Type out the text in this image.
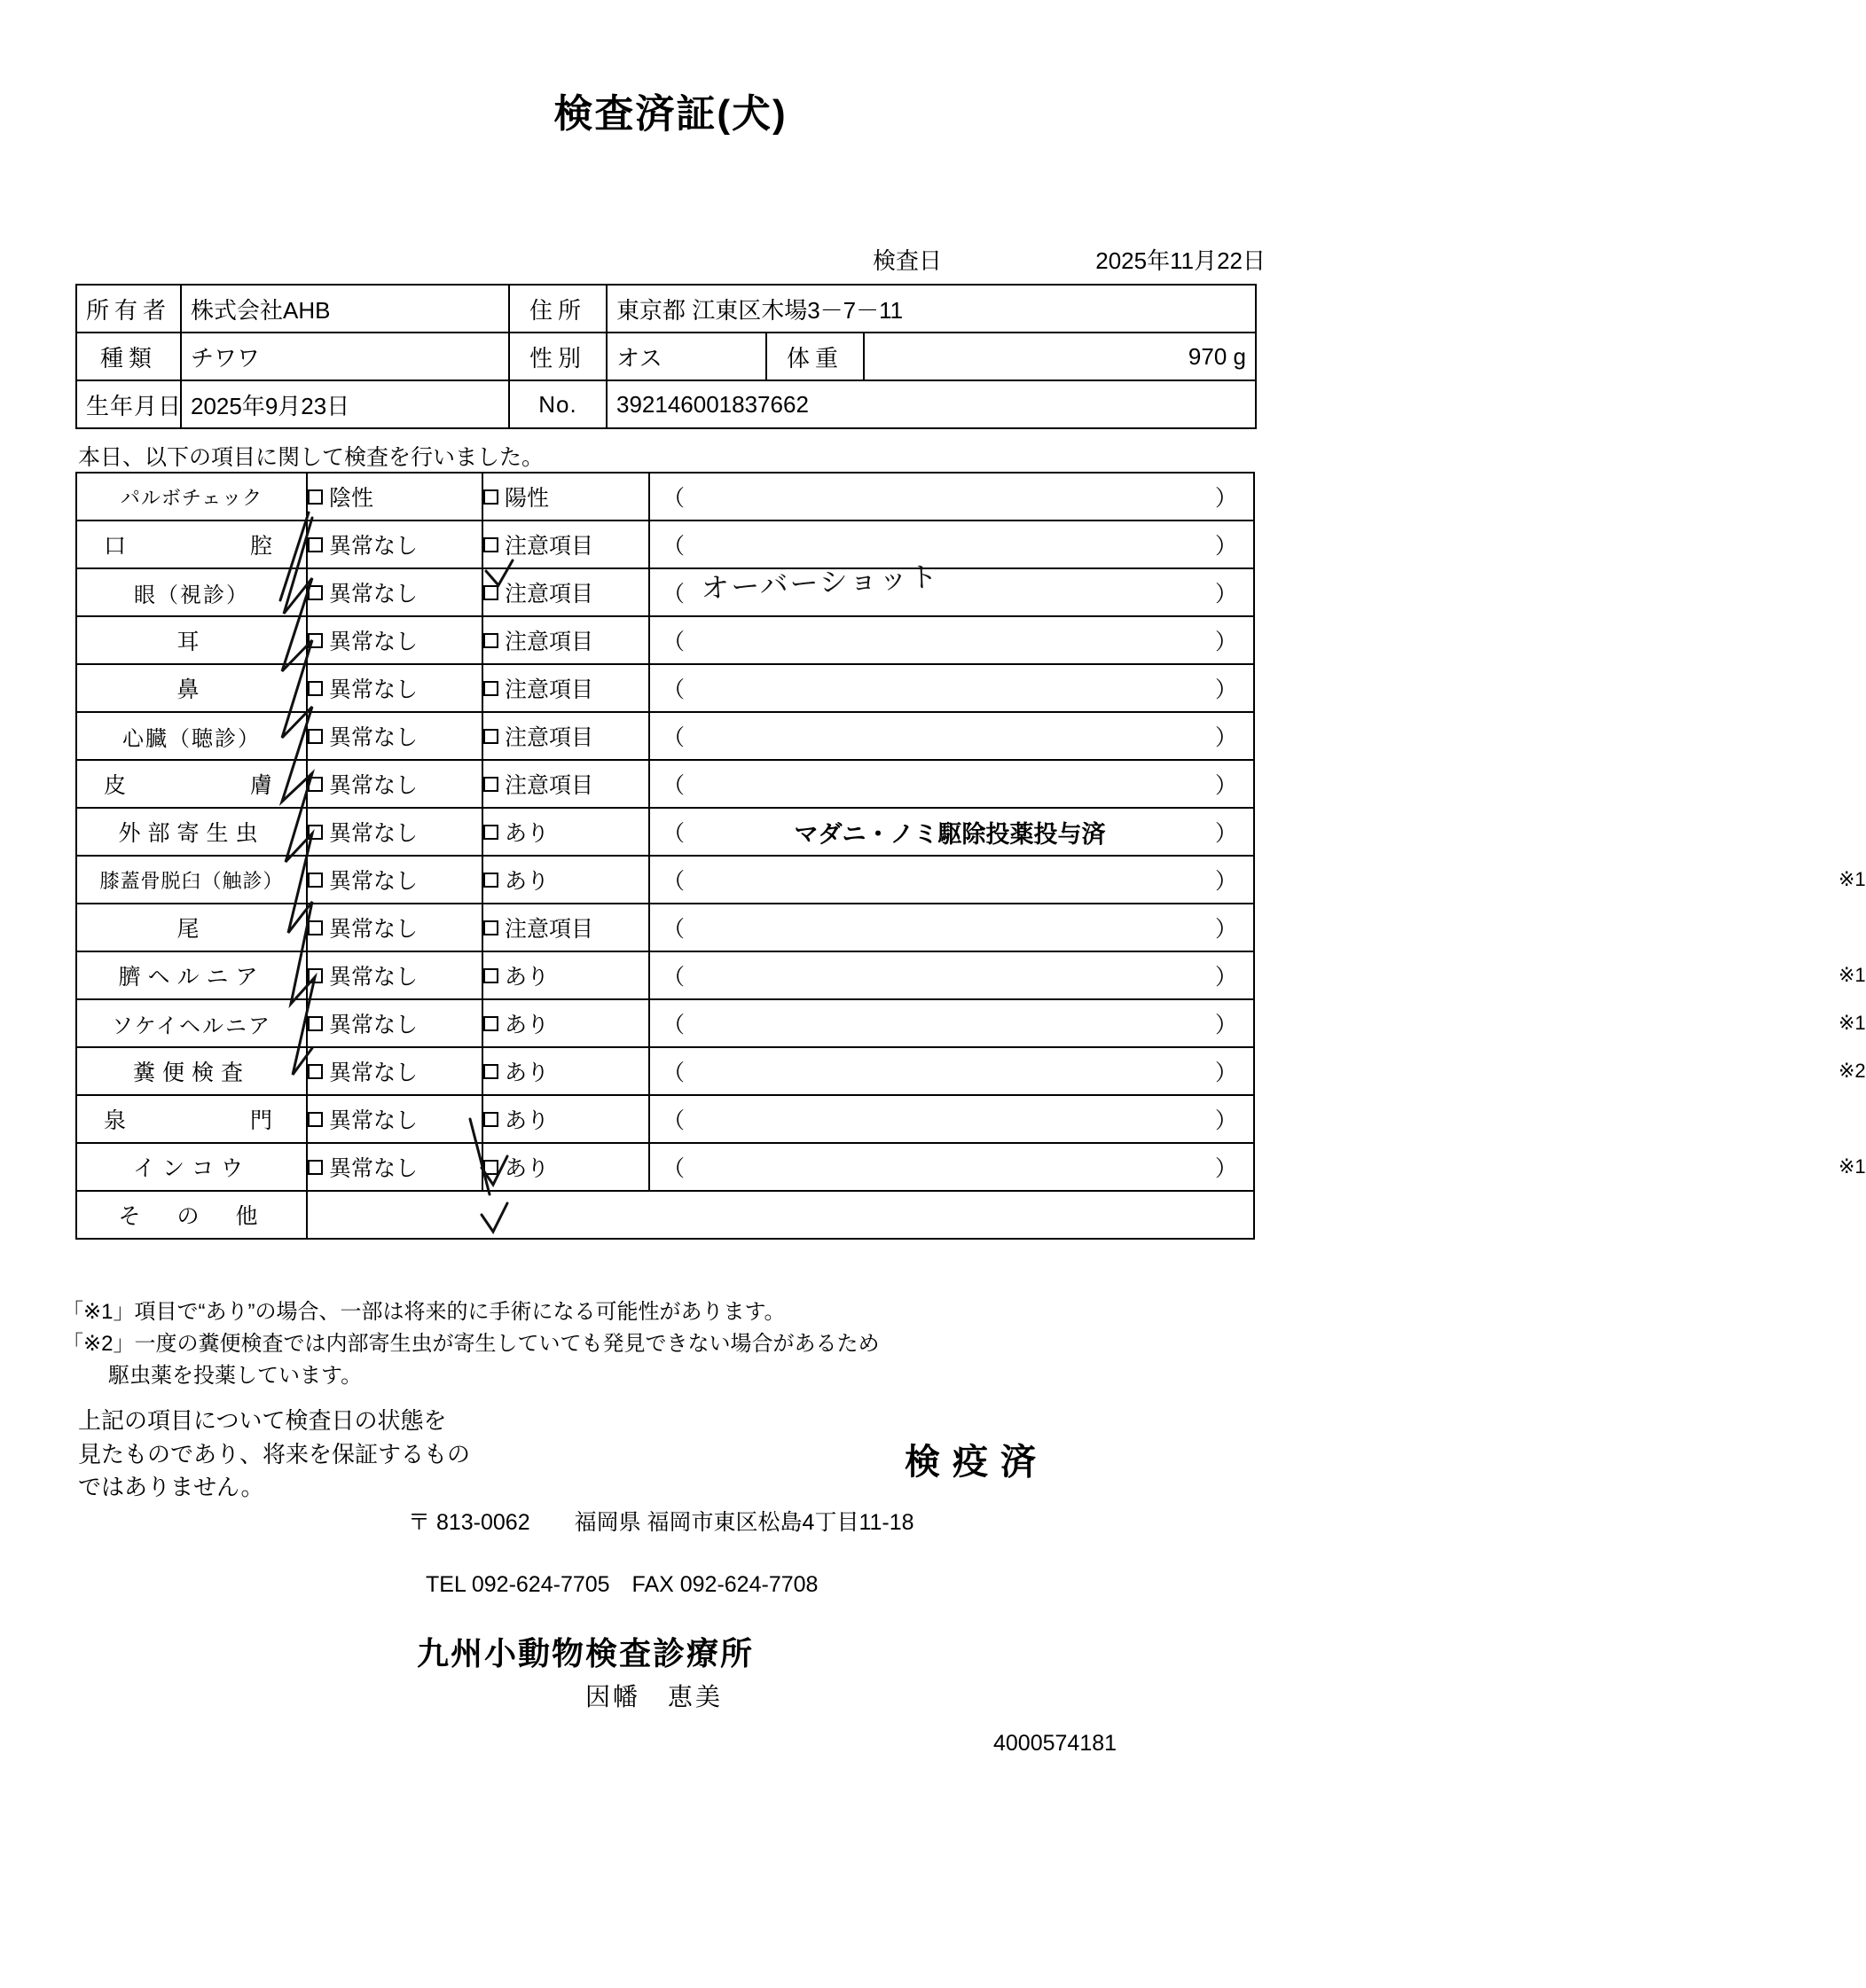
検査済証(犬)
検査日	2025年11月22日
所有者	株式会社AHB	住所	東京都 江東区木場3－7－11		
種類	チワワ	性別	オス	体重	970 g
生年月日	2025年9月23日	No.	392146001837662		
本日、以下の項目に関して検査を行いました。
パルボチェック	陰性	陽性	（ ）

口　　　　腔	異常なし	注意項目	（ ）

眼（視診）	異常なし	注意項目	（ ）

耳	異常なし	注意項目	（ ）

鼻	異常なし	注意項目	（ ）

心臓（聴診）	異常なし	注意項目	（ ）

皮　　　　膚	異常なし	注意項目	（ ）

外部寄生虫	異常なし	あり	（ マダニ・ノミ駆除投薬投与済 ）

膝蓋骨脱臼（触診）	異常なし	あり	（ ） ※1

尾	異常なし	注意項目	（ ）

臍ヘルニア	異常なし	あり	（ ） ※1

ソケイヘルニア	異常なし	あり	（ ） ※1

糞便検査	異常なし	あり	（ ） ※2

泉　　　　門	異常なし	あり	（ ）

インコウ	異常なし	あり	（ ） ※1

そ　の　他			
オーバーショット
「※1」項目で“あり”の場合、一部は将来的に手術になる可能性があります。
「※2」一度の糞便検査では内部寄生虫が寄生していても発見できない場合があるため
駆虫薬を投薬しています。
上記の項目について検査日の状態を
見たものであり、将来を保証するもの
ではありません。
検疫済
〒 813-0062　　福岡県 福岡市東区松島4丁目11-18
TEL 092-624-7705　FAX 092-624-7708
九州小動物検査診療所
因幡　恵美
4000574181
